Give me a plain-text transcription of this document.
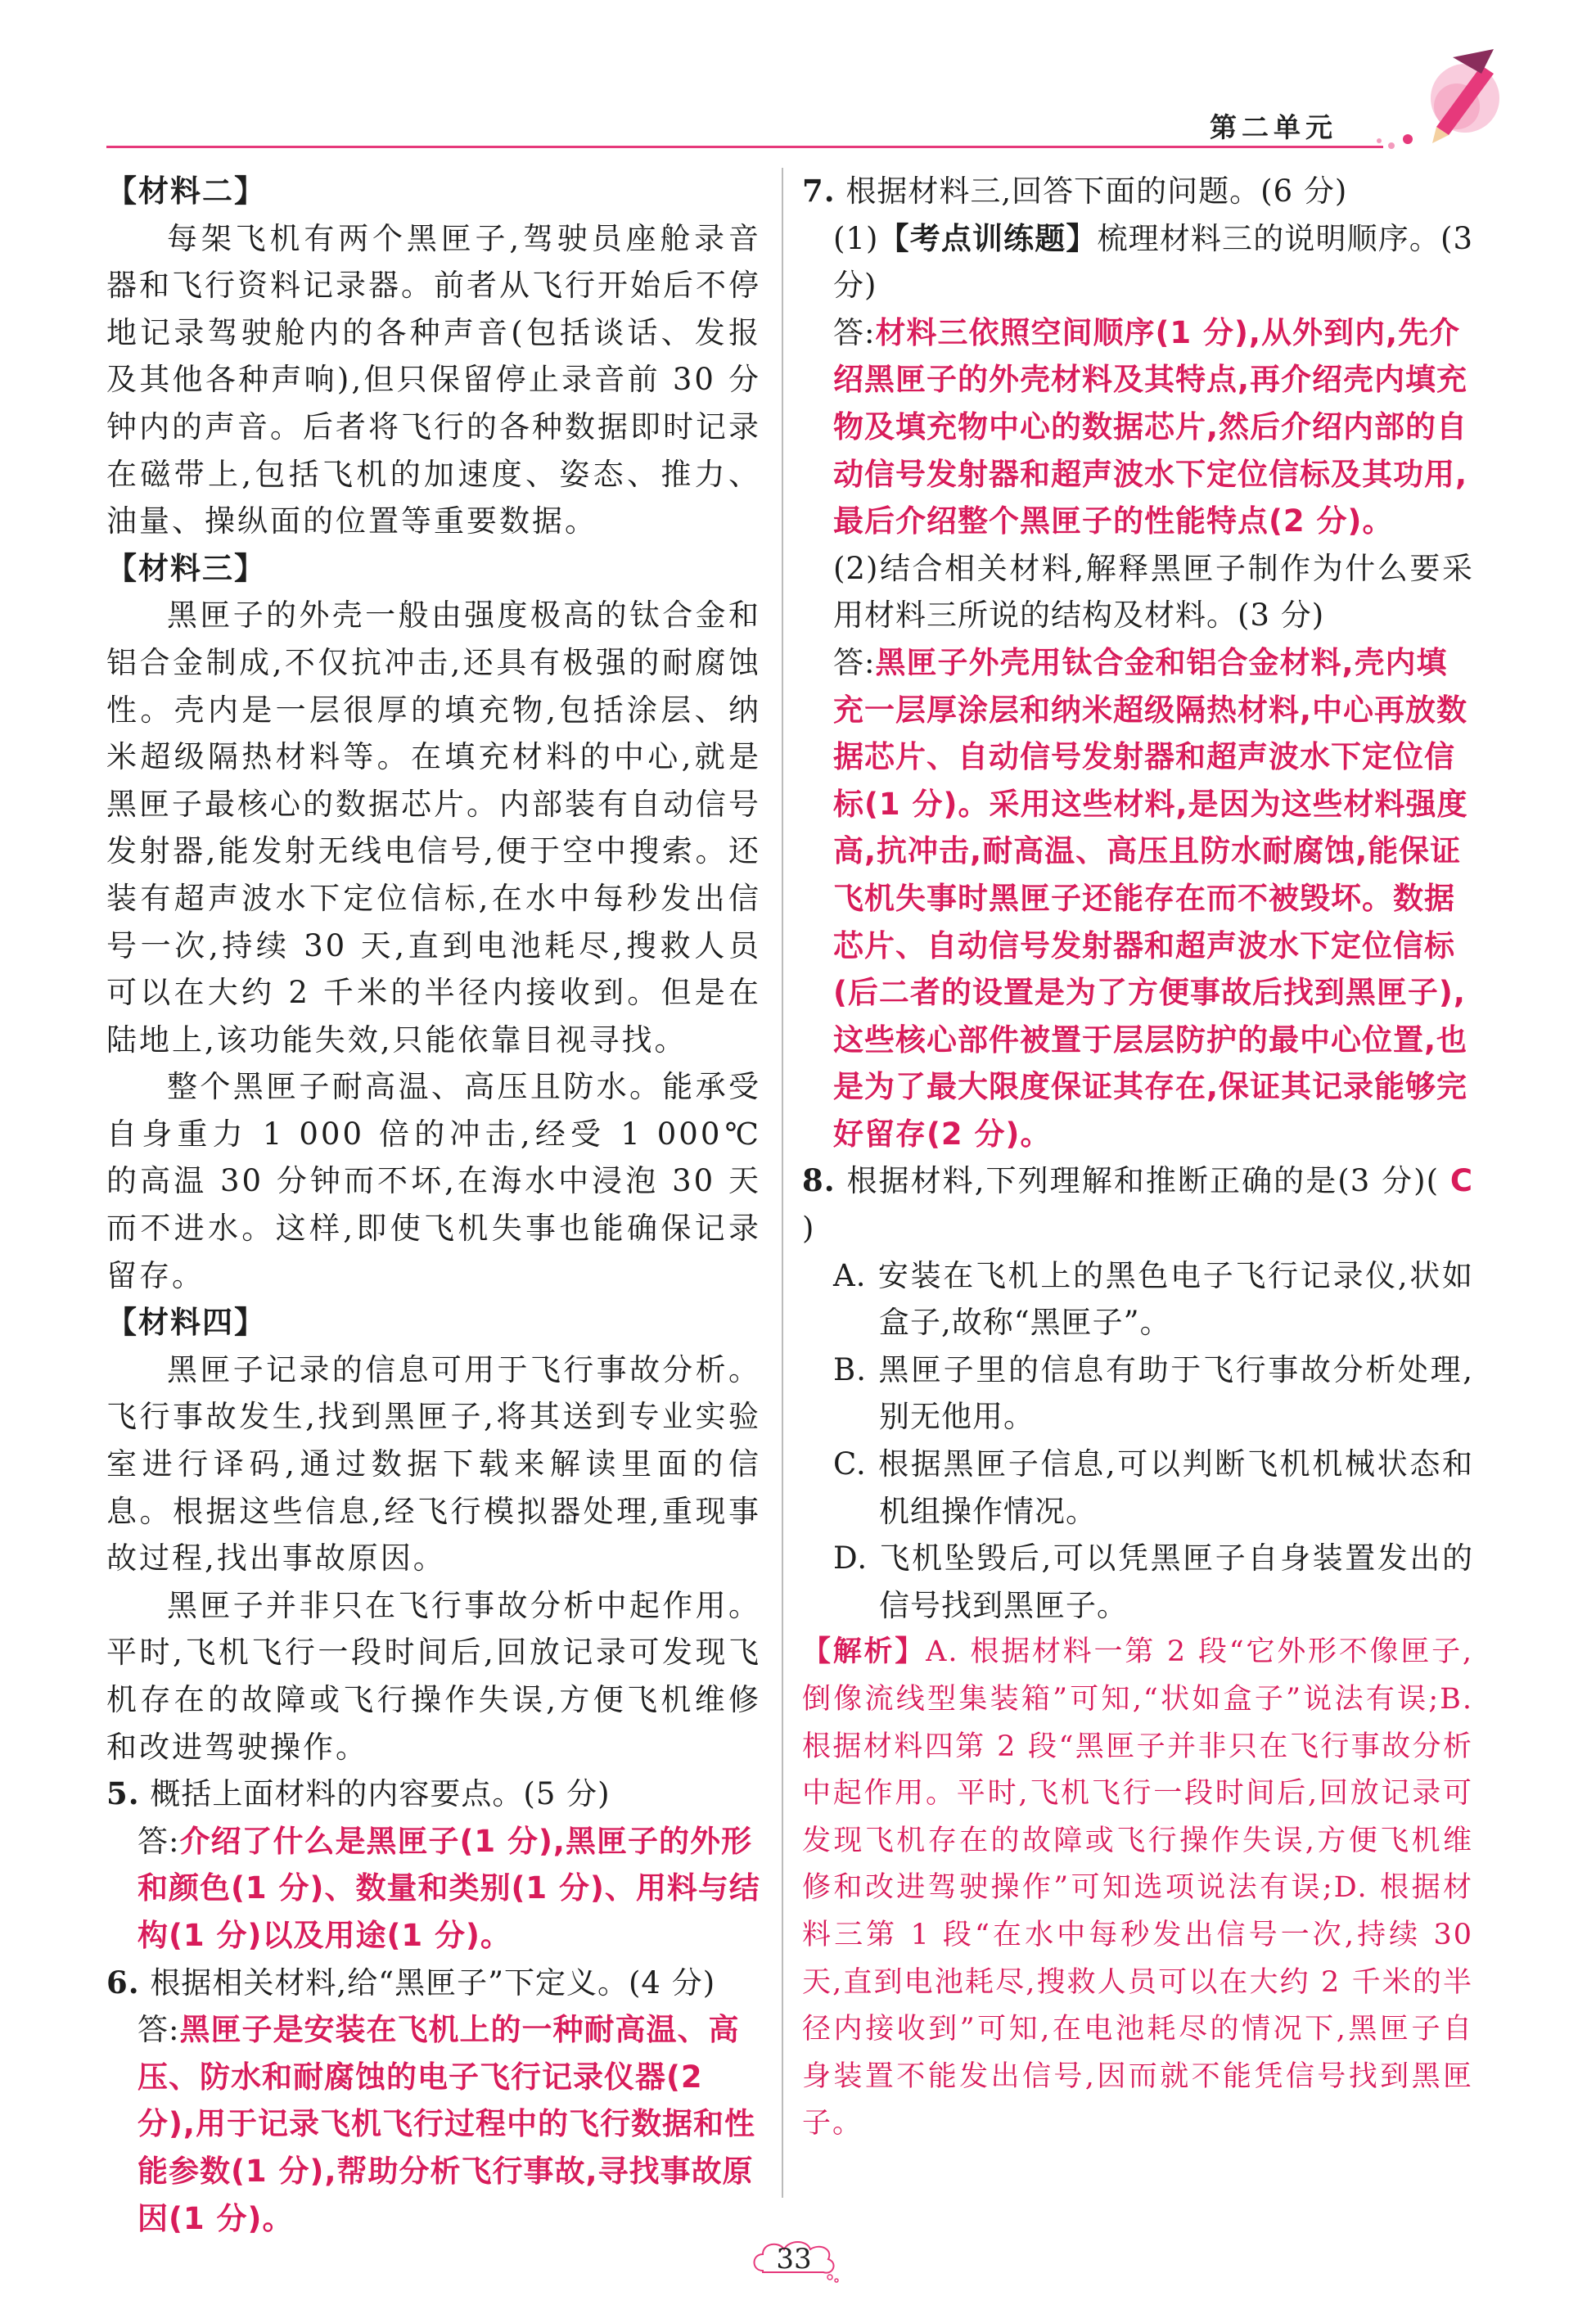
第二单元
【材料二】
每架飞机有两个黑匣子,驾驶员座舱录音器和飞行资料记录器。前者从飞行开始后不停地记录驾驶舱内的各种声音(包括谈话、发报及其他各种声响),但只保留停止录音前 30 分钟内的声音。后者将飞行的各种数据即时记录在磁带上,包括飞机的加速度、姿态、推力、油量、操纵面的位置等重要数据。
【材料三】
黑匣子的外壳一般由强度极高的钛合金和铝合金制成,不仅抗冲击,还具有极强的耐腐蚀性。壳内是一层很厚的填充物,包括涂层、纳米超级隔热材料等。在填充材料的中心,就是黑匣子最核心的数据芯片。内部装有自动信号发射器,能发射无线电信号,便于空中搜索。还装有超声波水下定位信标,在水中每秒发出信号一次,持续 30 天,直到电池耗尽,搜救人员可以在大约 2 千米的半径内接收到。但是在陆地上,该功能失效,只能依靠目视寻找。
整个黑匣子耐高温、高压且防水。能承受自身重力 1 000 倍的冲击,经受 1 000℃ 的高温 30 分钟而不坏,在海水中浸泡 30 天而不进水。这样,即使飞机失事也能确保记录留存。
【材料四】
黑匣子记录的信息可用于飞行事故分析。飞行事故发生,找到黑匣子,将其送到专业实验室进行译码,通过数据下载来解读里面的信息。根据这些信息,经飞行模拟器处理,重现事故过程,找出事故原因。
黑匣子并非只在飞行事故分析中起作用。平时,飞机飞行一段时间后,回放记录可发现飞机存在的故障或飞行操作失误,方便飞机维修和改进驾驶操作。
5. 概括上面材料的内容要点。(5 分)
答:介绍了什么是黑匣子(1 分),黑匣子的外形和颜色(1 分)、数量和类别(1 分)、用料与结构(1 分)以及用途(1 分)。
6. 根据相关材料,给“黑匣子”下定义。(4 分)
答:黑匣子是安装在飞机上的一种耐高温、高压、防水和耐腐蚀的电子飞行记录仪器(2 分),用于记录飞机飞行过程中的飞行数据和性能参数(1 分),帮助分析飞行事故,寻找事故原因(1 分)。
7. 根据材料三,回答下面的问题。(6 分)
(1)【考点训练题】梳理材料三的说明顺序。(3 分)
答:材料三依照空间顺序(1 分),从外到内,先介绍黑匣子的外壳材料及其特点,再介绍壳内填充物及填充物中心的数据芯片,然后介绍内部的自动信号发射器和超声波水下定位信标及其功用,最后介绍整个黑匣子的性能特点(2 分)。
(2)结合相关材料,解释黑匣子制作为什么要采用材料三所说的结构及材料。(3 分)
答:黑匣子外壳用钛合金和铝合金材料,壳内填充一层厚涂层和纳米超级隔热材料,中心再放数据芯片、自动信号发射器和超声波水下定位信标(1 分)。采用这些材料,是因为这些材料强度高,抗冲击,耐高温、高压且防水耐腐蚀,能保证飞机失事时黑匣子还能存在而不被毁坏。数据芯片、自动信号发射器和超声波水下定位信标(后二者的设置是为了方便事故后找到黑匣子),这些核心部件被置于层层防护的最中心位置,也是为了最大限度保证其存在,保证其记录能够完好留存(2 分)。
8. 根据材料,下列理解和推断正确的是(3 分)( C )
A. 安装在飞机上的黑色电子飞行记录仪,状如盒子,故称“黑匣子”。
B. 黑匣子里的信息有助于飞行事故分析处理,别无他用。
C. 根据黑匣子信息,可以判断飞机机械状态和机组操作情况。
D. 飞机坠毁后,可以凭黑匣子自身装置发出的信号找到黑匣子。
【解析】A. 根据材料一第 2 段“它外形不像匣子,倒像流线型集装箱”可知,“状如盒子”说法有误;B. 根据材料四第 2 段“黑匣子并非只在飞行事故分析中起作用。平时,飞机飞行一段时间后,回放记录可发现飞机存在的故障或飞行操作失误,方便飞机维修和改进驾驶操作”可知选项说法有误;D. 根据材料三第 1 段“在水中每秒发出信号一次,持续 30 天,直到电池耗尽,搜救人员可以在大约 2 千米的半径内接收到”可知,在电池耗尽的情况下,黑匣子自身装置不能发出信号,因而就不能凭信号找到黑匣子。
33
